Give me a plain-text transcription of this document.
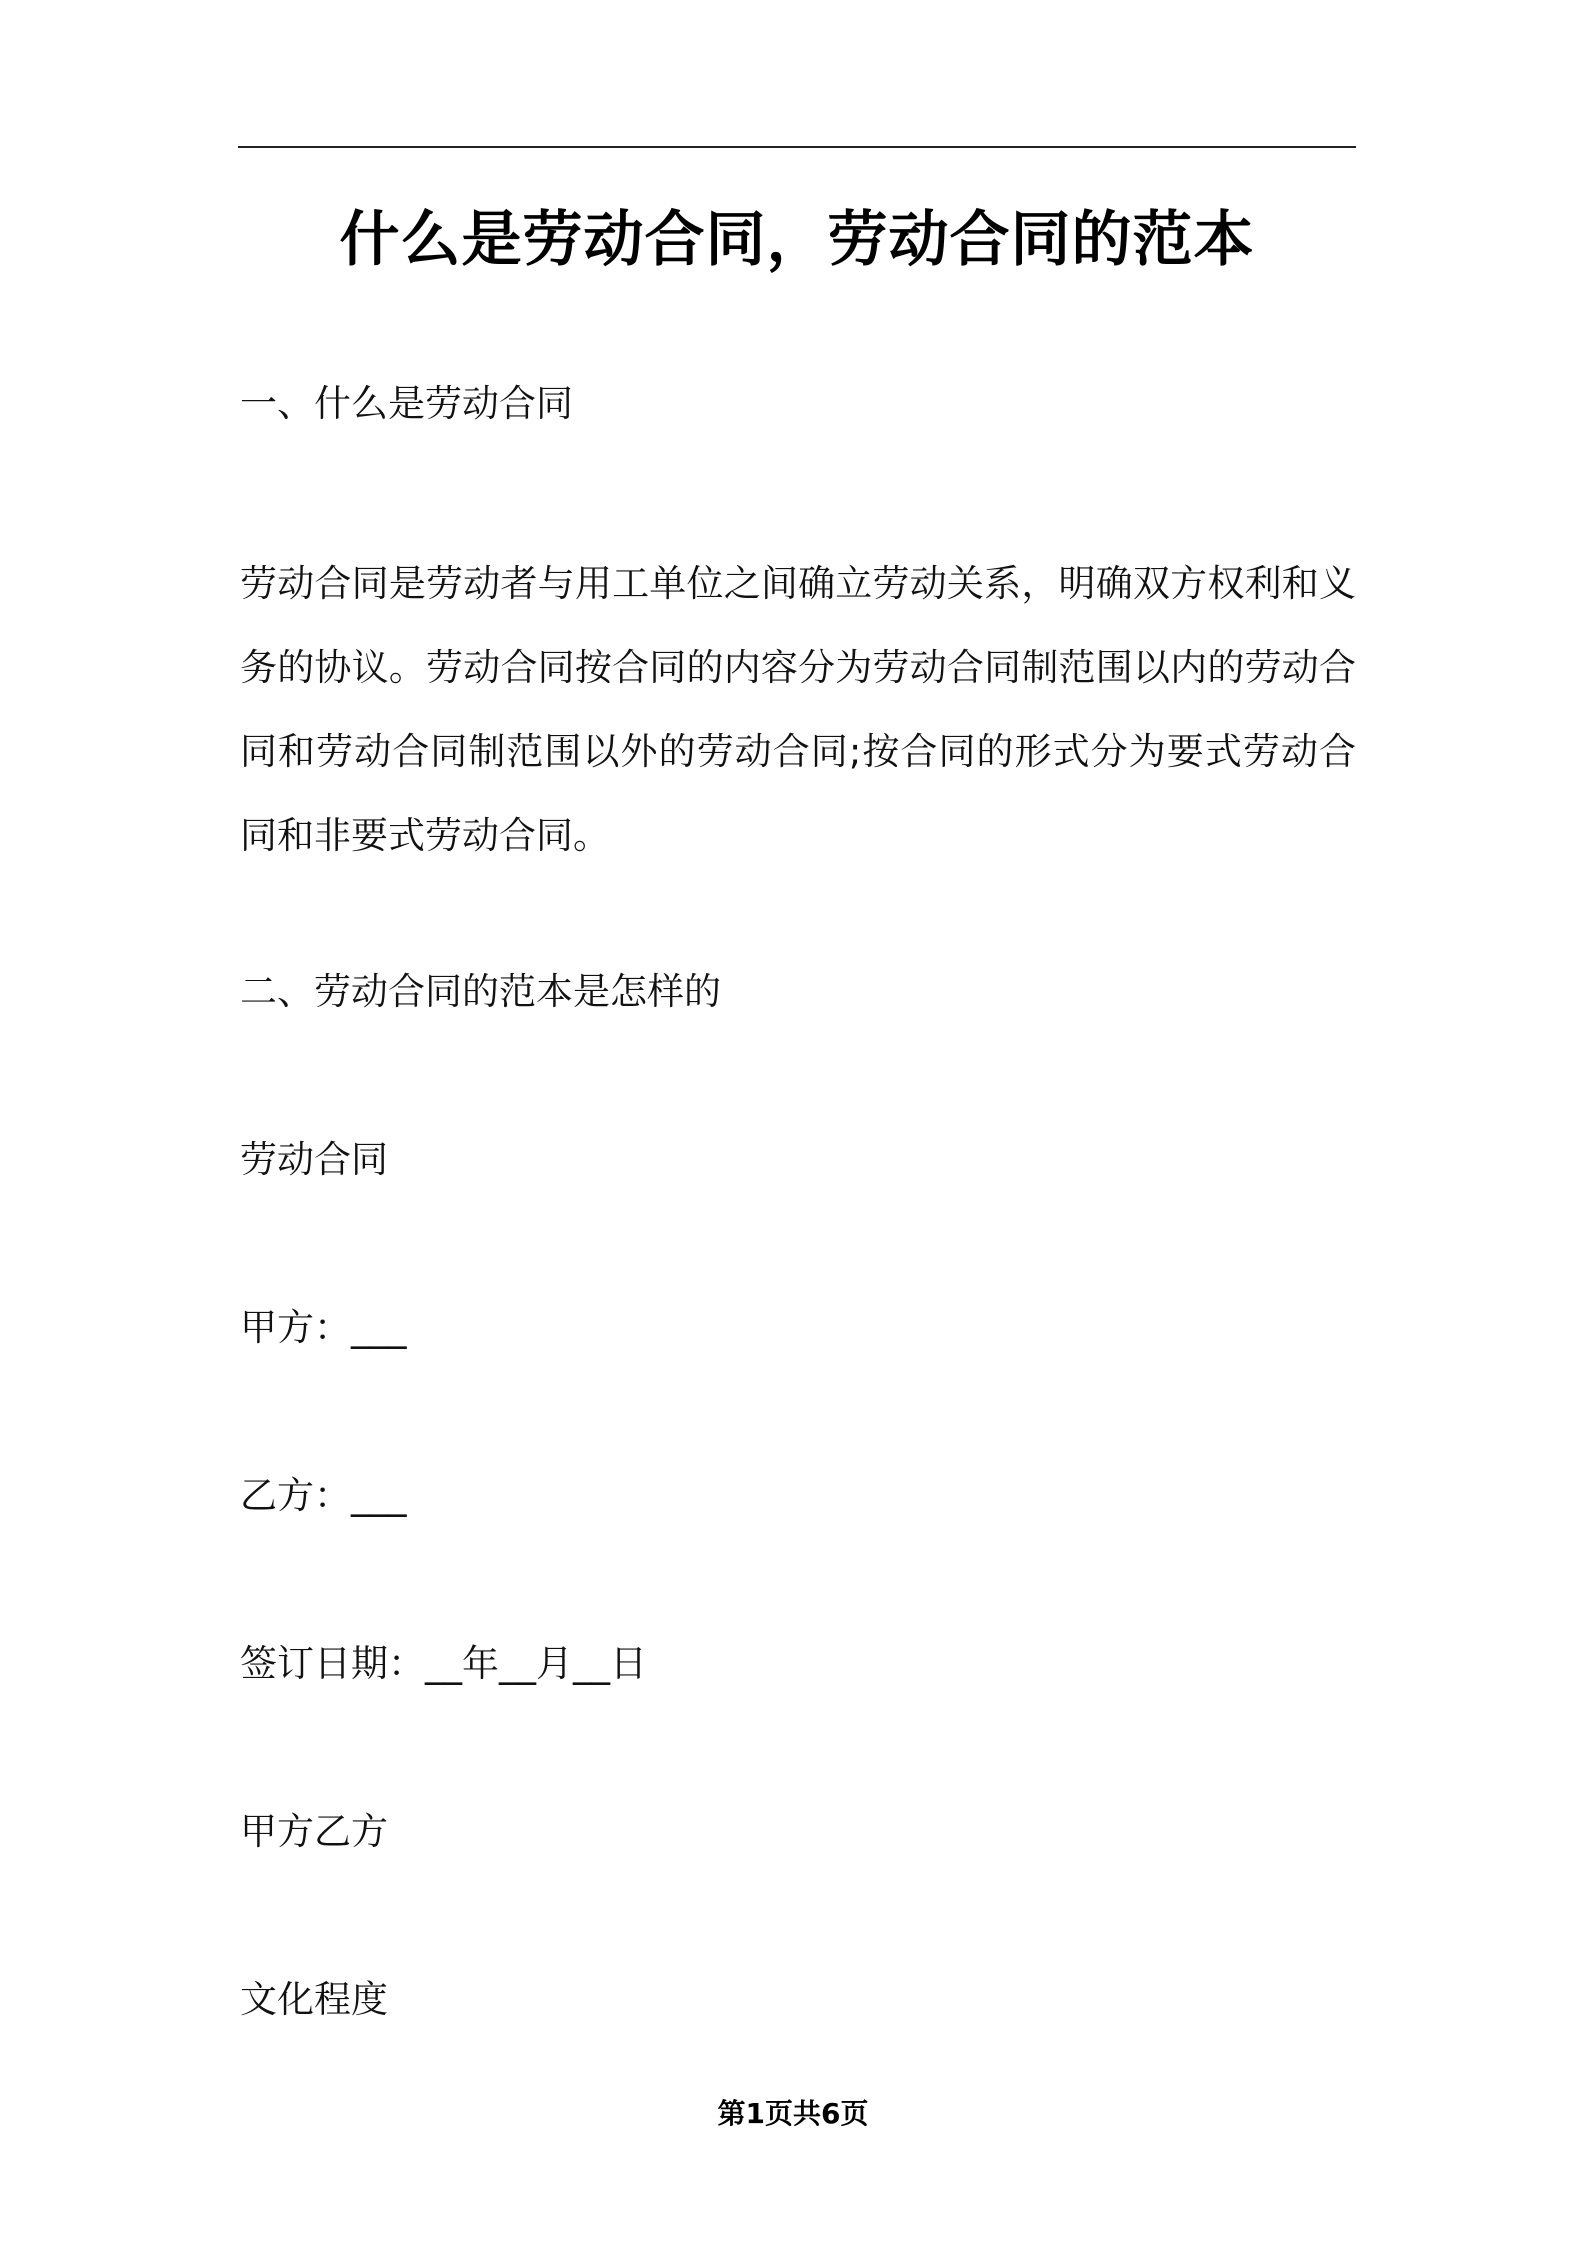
什么是劳动合同，劳动合同的范本

一、什么是劳动合同

劳动合同是劳动者与用工单位之间确立劳动关系，明确双方权利和义
务的协议。劳动合同按合同的内容分为劳动合同制范围以内的劳动合
同和劳动合同制范围以外的劳动合同;按合同的形式分为要式劳动合
同和非要式劳动合同。

二、劳动合同的范本是怎样的

劳动合同

甲方：___

乙方：___

签订日期：__年__月__日

甲方乙方

文化程度

第1页共6页
